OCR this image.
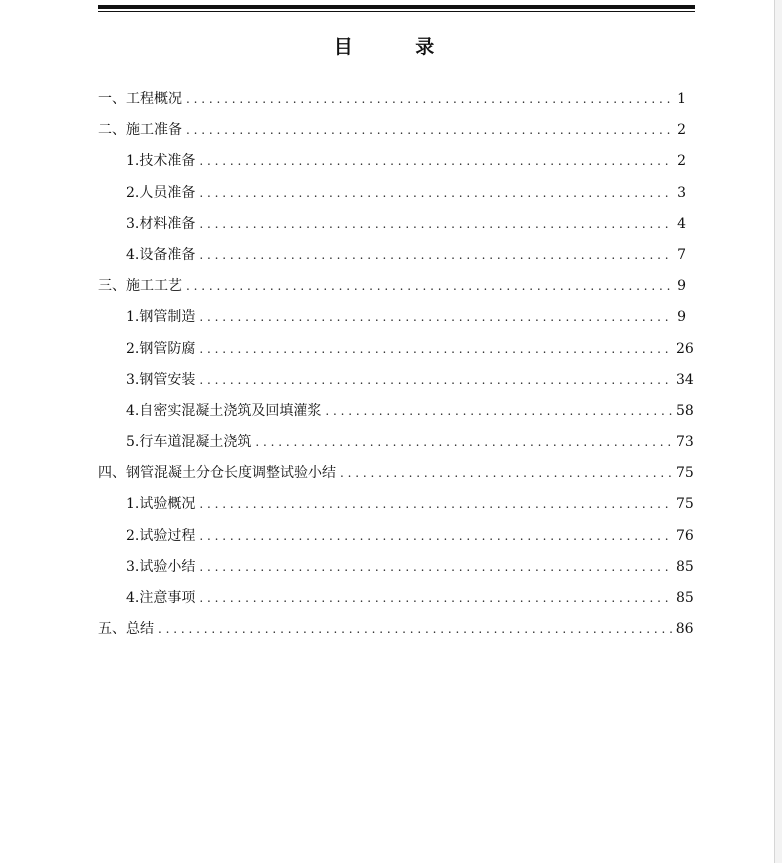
目 录
一、工程概况 . . .	1
二、施工准备 . . .	2
1.技术准备 . . .	2
2.人员准备 . . .	3
3.材料准备 . . .	4
4.设备准备 . . .	7
三、施工工艺 . . .	9
1.钢管制造 . . .	9
2.钢管防腐 . . .	26
3.钢管安装 . . .	34
4.自密实混凝土浇筑及回填灌浆 . . .	58
5.行车道混凝土浇筑 . . .	73
四、钢管混凝土分仓长度调整试验小结 . . .	75
1.试验概况 . . .	75
2.试验过程 . . .	76
3.试验小结 . . .	85
4.注意事项 . . .	85
五、总结 . . .	86
